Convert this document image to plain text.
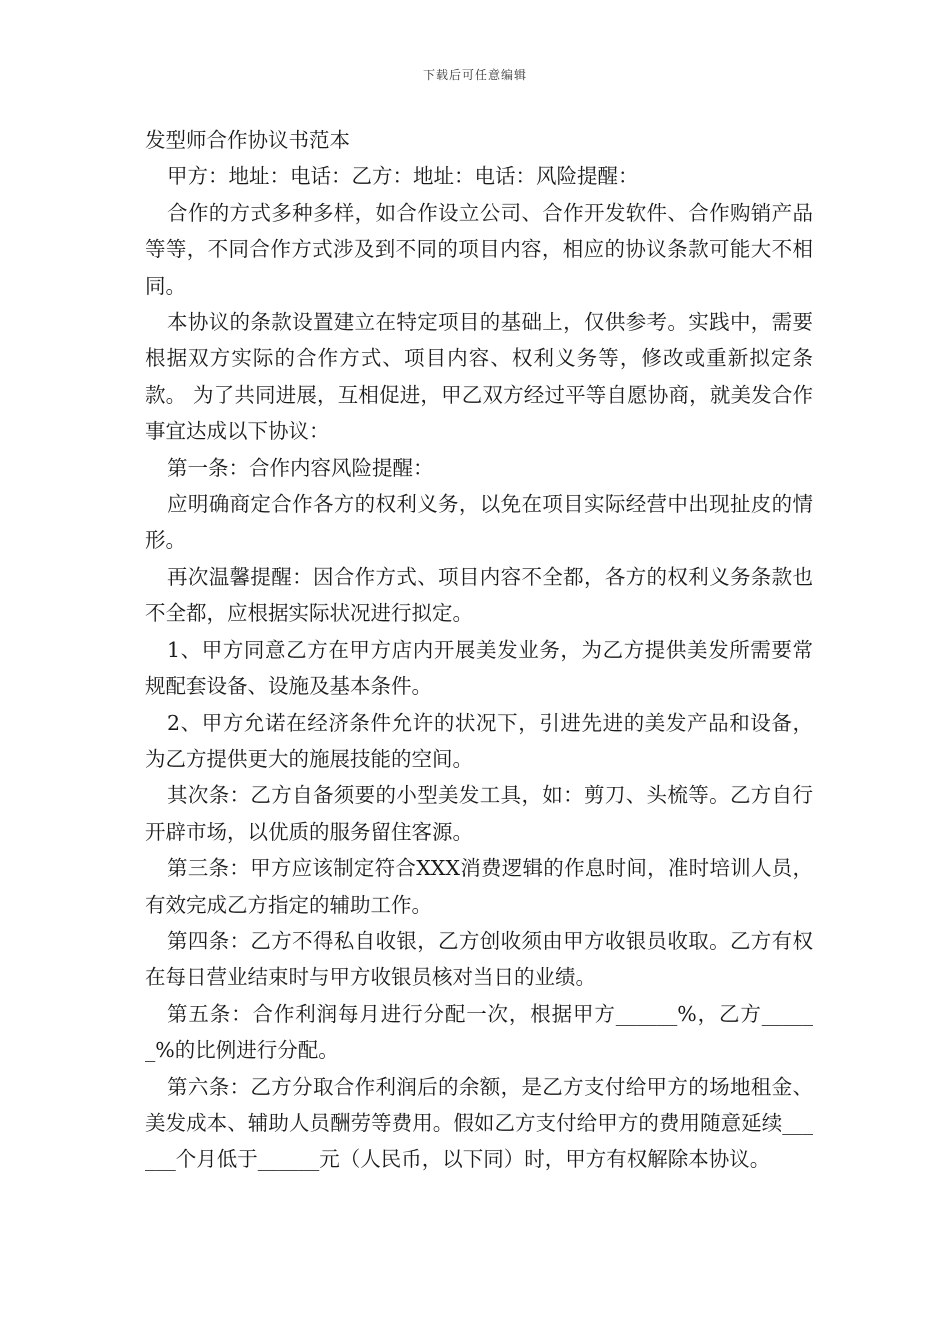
下载后可任意编辑
发型师合作协议书范本

甲方：地址：电话：乙方：地址：电话：风险提醒：

合作的方式多种多样，如合作设立公司、合作开发软件、合作购销产品等等，不同合作方式涉及到不同的项目内容，相应的协议条款可能大不相同。

本协议的条款设置建立在特定项目的基础上，仅供参考。实践中，需要根据双方实际的合作方式、项目内容、权利义务等，修改或重新拟定条款。 为了共同进展，互相促进，甲乙双方经过平等自愿协商，就美发合作事宜达成以下协议：

第一条：合作内容风险提醒：

应明确商定合作各方的权利义务，以免在项目实际经营中出现扯皮的情形。

再次温馨提醒：因合作方式、项目内容不全都，各方的权利义务条款也不全都，应根据实际状况进行拟定。

1、甲方同意乙方在甲方店内开展美发业务，为乙方提供美发所需要常规配套设备、设施及基本条件。

2、甲方允诺在经济条件允许的状况下，引进先进的美发产品和设备，为乙方提供更大的施展技能的空间。

其次条：乙方自备须要的小型美发工具，如：剪刀、头梳等。乙方自行开辟市场，以优质的服务留住客源。

第三条：甲方应该制定符合XXX消费逻辑的作息时间，准时培训人员，有效完成乙方指定的辅助工作。

第四条：乙方不得私自收银，乙方创收须由甲方收银员收取。乙方有权在每日营业结束时与甲方收银员核对当日的业绩。

第五条：合作利润每月进行分配一次，根据甲方______%，乙方______%的比例进行分配。

第六条：乙方分取合作利润后的余额，是乙方支付给甲方的场地租金、美发成本、辅助人员酬劳等费用。假如乙方支付给甲方的费用随意延续______个月低于______元（人民币，以下同）时，甲方有权解除本协议。
